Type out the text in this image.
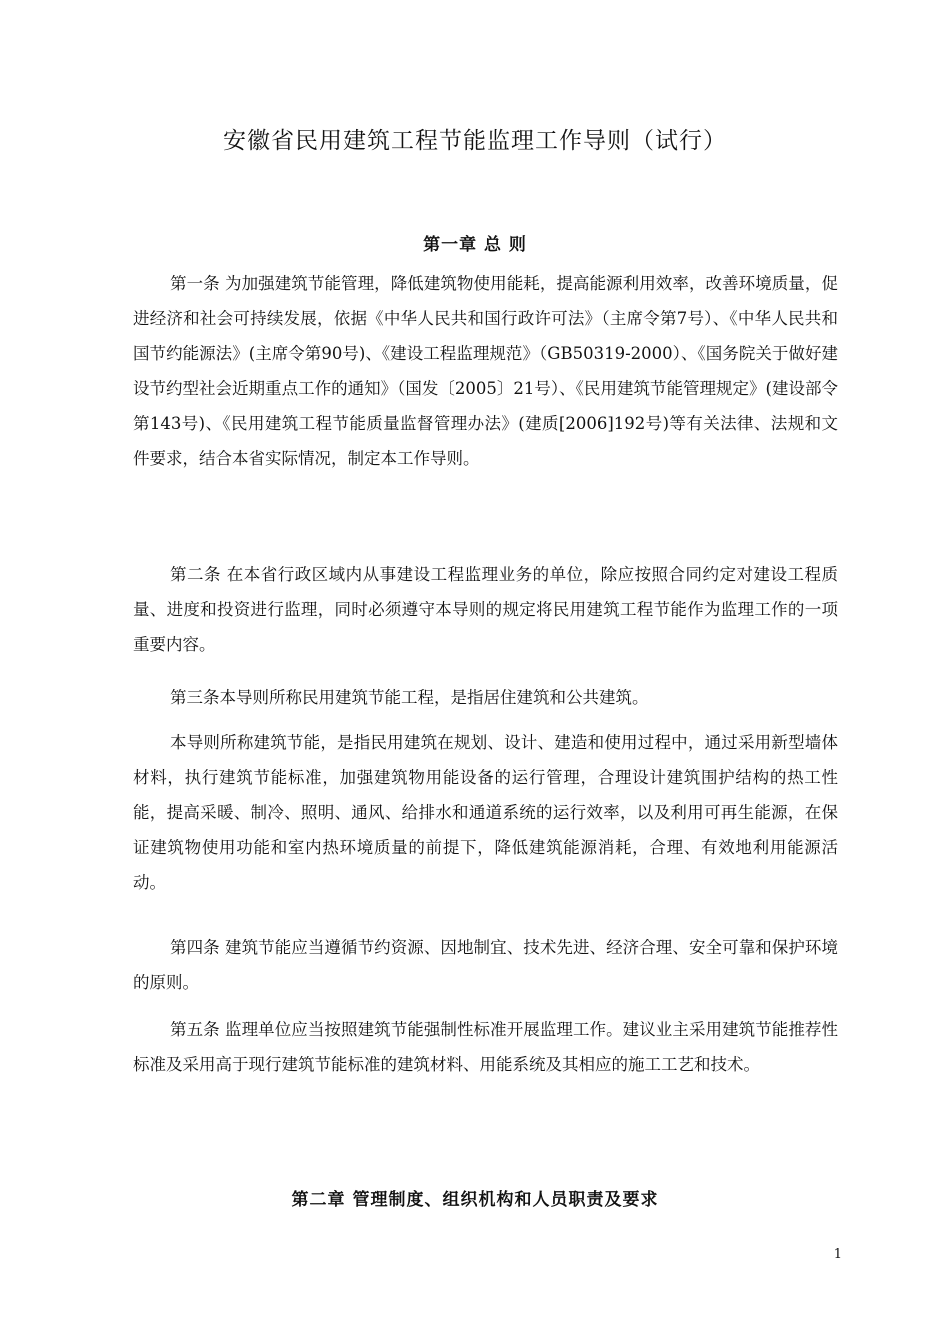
安徽省民用建筑工程节能监理工作导则（试行）
第一章 总 则

第一条 为加强建筑节能管理，降低建筑物使用能耗，提高能源利用效率，改善环境质量，促进经济和社会可持续发展，依据《中华人民共和国行政许可法》（主席令第7号）、《中华人民共和国节约能源法》(主席令第90号)、《建设工程监理规范》（GB50319-2000）、《国务院关于做好建设节约型社会近期重点工作的通知》（国发〔2005〕21号）、《民用建筑节能管理规定》(建设部令第143号)、《民用建筑工程节能质量监督管理办法》(建质[2006]192号)等有关法律、法规和文件要求，结合本省实际情况，制定本工作导则。

第二条 在本省行政区域内从事建设工程监理业务的单位，除应按照合同约定对建设工程质量、进度和投资进行监理，同时必须遵守本导则的规定将民用建筑工程节能作为监理工作的一项重要内容。

第三条本导则所称民用建筑节能工程，是指居住建筑和公共建筑。

本导则所称建筑节能，是指民用建筑在规划、设计、建造和使用过程中，通过采用新型墙体材料，执行建筑节能标准，加强建筑物用能设备的运行管理，合理设计建筑围护结构的热工性能，提高采暖、制冷、照明、通风、给排水和通道系统的运行效率，以及利用可再生能源，在保证建筑物使用功能和室内热环境质量的前提下，降低建筑能源消耗，合理、有效地利用能源活动。

第四条 建筑节能应当遵循节约资源、因地制宜、技术先进、经济合理、安全可靠和保护环境的原则。

第五条 监理单位应当按照建筑节能强制性标准开展监理工作。建议业主采用建筑节能推荐性标准及采用高于现行建筑节能标准的建筑材料、用能系统及其相应的施工工艺和技术。

第二章 管理制度、组织机构和人员职责及要求

1
